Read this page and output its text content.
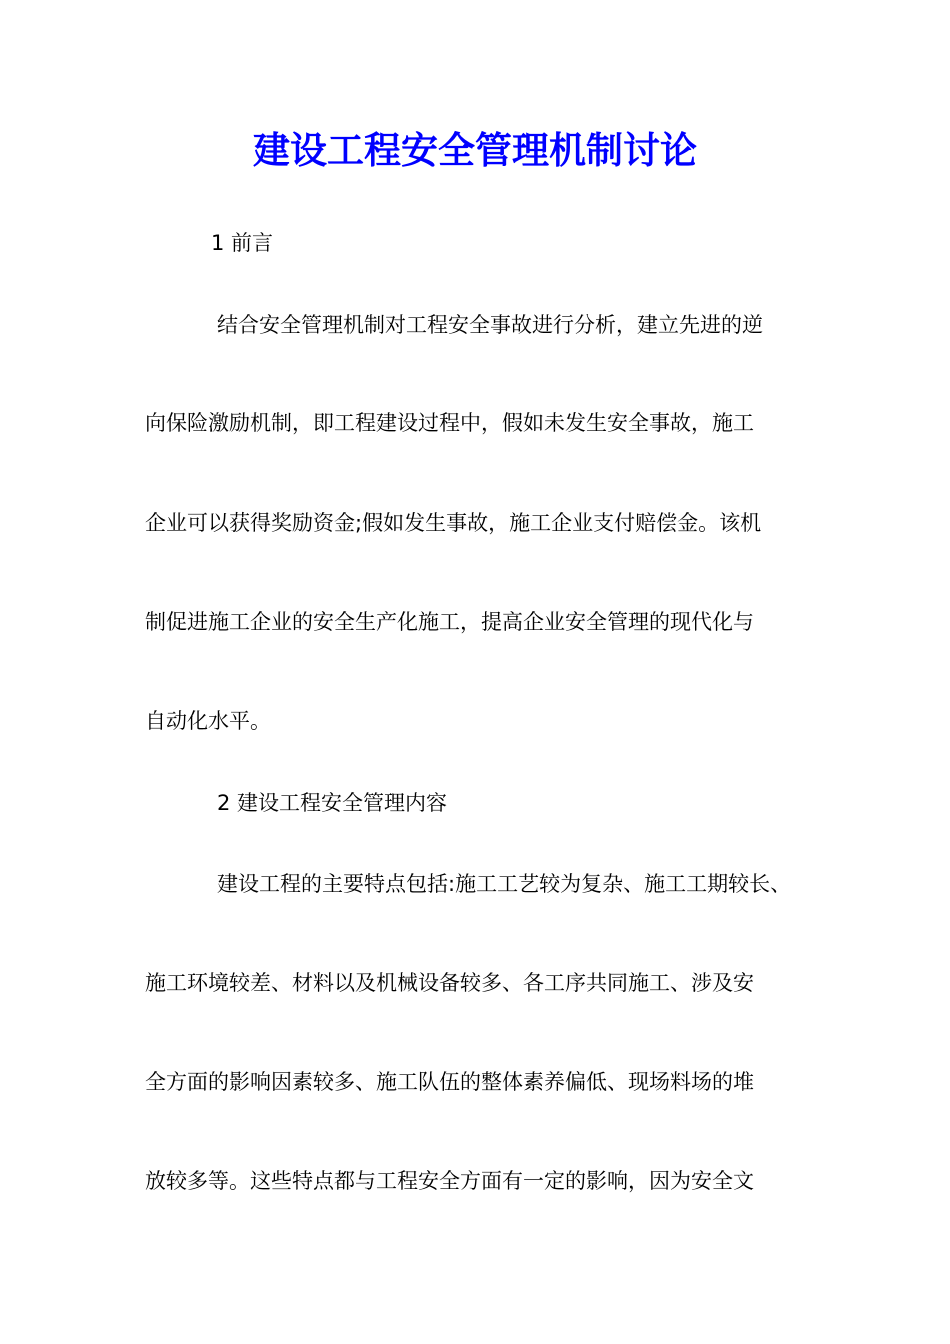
建设工程安全管理机制讨论
1 前言
结合安全管理机制对工程安全事故进行分析，建立先进的逆
向保险激励机制，即工程建设过程中，假如未发生安全事故，施工
企业可以获得奖励资金;假如发生事故，施工企业支付赔偿金。该机
制促进施工企业的安全生产化施工，提高企业安全管理的现代化与
自动化水平。
2 建设工程安全管理内容
建设工程的主要特点包括:施工工艺较为复杂、施工工期较长、
施工环境较差、材料以及机械设备较多、各工序共同施工、涉及安
全方面的影响因素较多、施工队伍的整体素养偏低、现场料场的堆
放较多等。这些特点都与工程安全方面有一定的影响，因为安全文
